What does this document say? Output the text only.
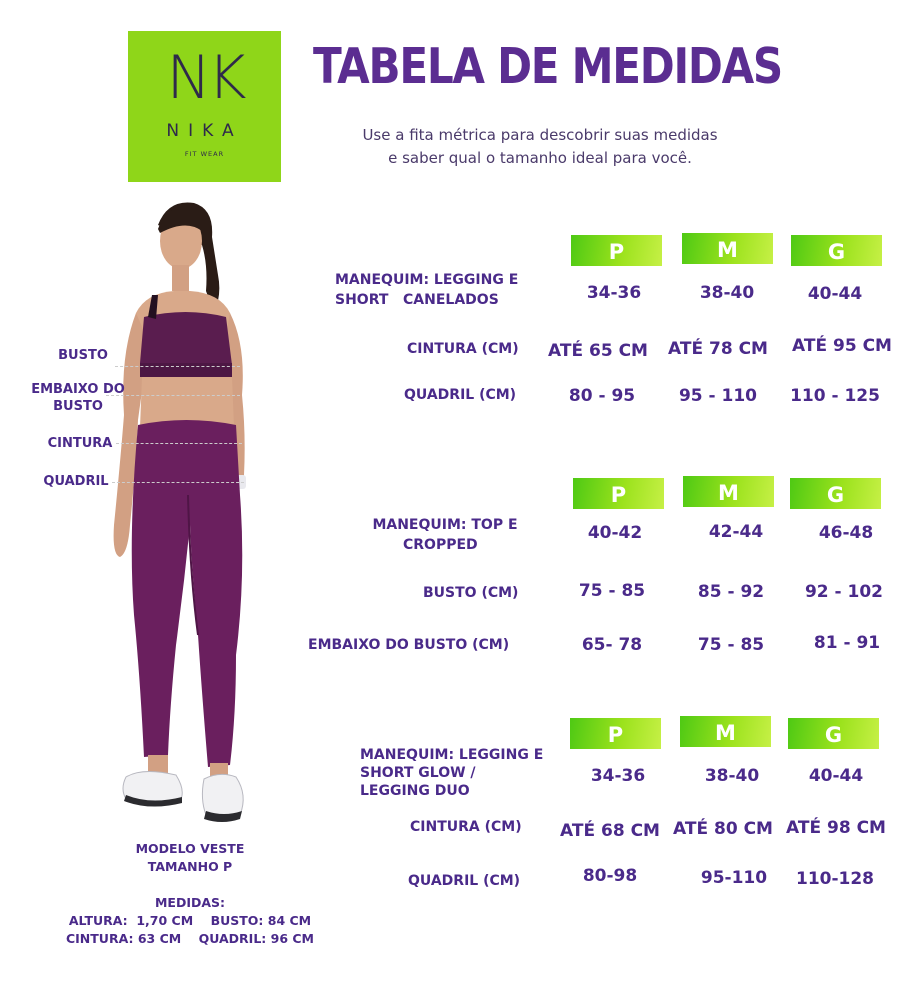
NK
NIKA
FIT WEAR
TABELA DE MEDIDAS
Use a fita métrica para descobrir suas medidas
e saber qual o tamanho ideal para você.
BUSTO
EMBAIXO DO
BUSTO
CINTURA
QUADRIL
MODELO VESTE
TAMANHO P
MEDIDAS:
ALTURA:  1,70 CM    BUSTO: 84 CM
CINTURA: 63 CM    QUADRIL: 96 CM
P	M	G
MANEQUIM: LEGGING E
SHORT   CANELADOS	34-36	38-40	40-44
CINTURA (CM)	ATÉ 65 CM	ATÉ 78 CM	ATÉ 95 CM
QUADRIL (CM)	80 - 95	95 - 110	110 - 125
P	M	G
MANEQUIM: TOP E
CROPPED
40-42	42-44	46-48
BUSTO (CM)	75 - 85	85 - 92	92 - 102
EMBAIXO DO BUSTO (CM)	65- 78	75 - 85	81 - 91
P	M	G
MANEQUIM: LEGGING E
SHORT GLOW /
LEGGING DUO
34-36	38-40	40-44
CINTURA (CM)	ATÉ 68 CM ATÉ 80 CM ATÉ 98 CM
QUADRIL (CM)	80-98	95-110	110-128
